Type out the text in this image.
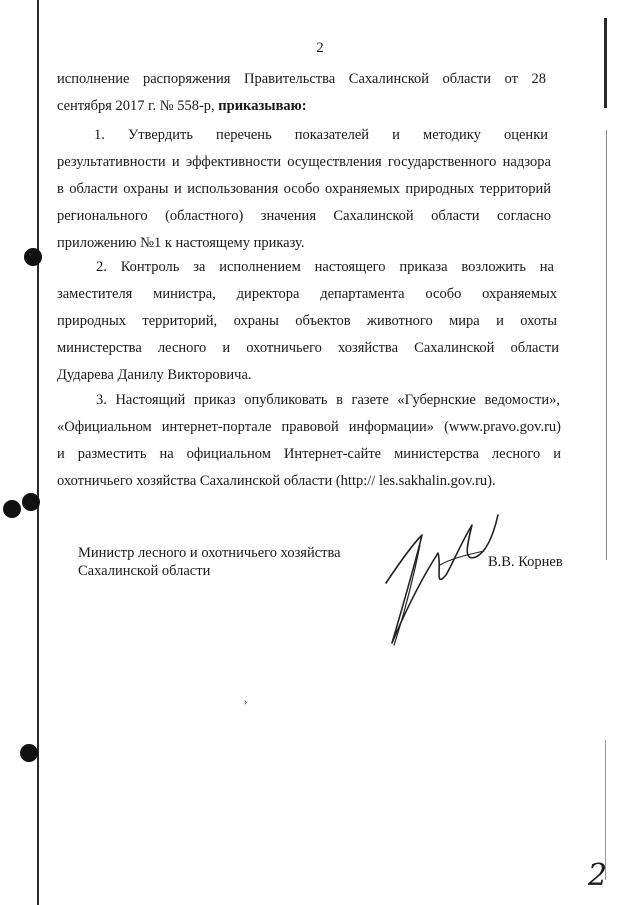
2
исполнение распоряжения Правительства Сахалинской области от 28
сентября 2017 г. № 558-р, приказываю:
1. Утвердить перечень показателей и методику оценки
результативности и эффективности осуществления государственного надзора
в области охраны и использования особо охраняемых природных территорий
регионального (областного) значения Сахалинской области согласно
приложению №1 к настоящему приказу.
2. Контроль за исполнением настоящего приказа возложить на
заместителя министра, директора департамента особо охраняемых
природных территорий, охраны объектов животного мира и охоты
министерства лесного и охотничьего хозяйства Сахалинской области
Дударева Данилу Викторовича.
3. Настоящий приказ опубликовать в газете «Губернские ведомости»,
«Официальном интернет-портале правовой информации» (www.pravo.gov.ru)
и разместить на официальном Интернет-сайте министерства лесного и
охотничьего хозяйства Сахалинской области (http:// les.sakhalin.gov.ru).
Министр лесного и охотничьего хозяйства
Сахалинской области
В.В. Корнев
›
2
